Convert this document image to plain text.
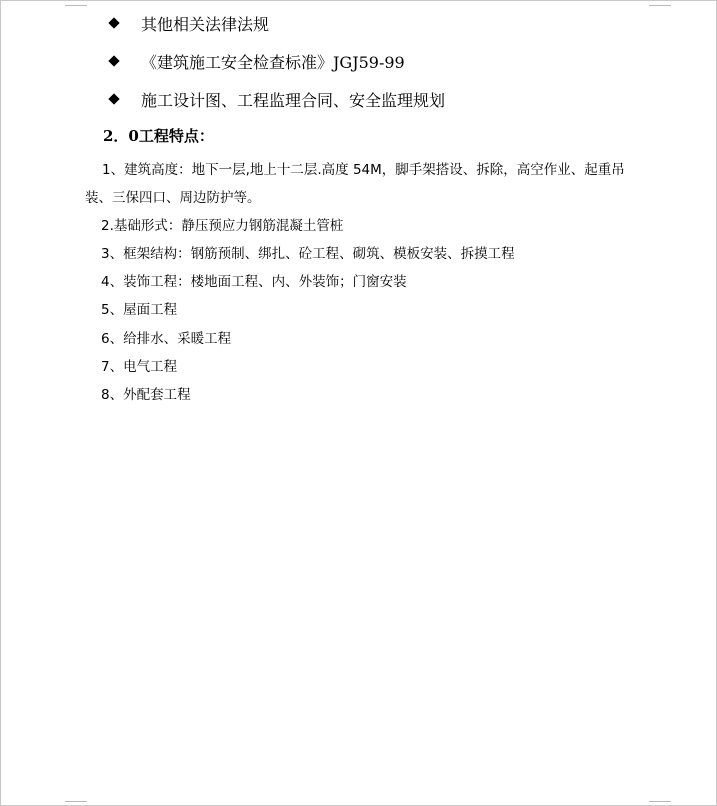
其他相关法律法规
《建筑施工安全检查标准》JGJ59-99
施工设计图、工程监理合同、安全监理规划
2．0工程特点：
1、建筑高度：地下一层,地上十二层.高度 54M，脚手架搭设、拆除，高空作业、起重吊
装、三保四口、周边防护等。
2.基础形式：静压预应力钢筋混凝土管桩
3、框架结构：钢筋预制、绑扎、砼工程、砌筑、模板安装、拆摸工程
4、装饰工程：楼地面工程、内、外装饰；门窗安装
5、屋面工程
6、给排水、采暖工程
7、电气工程
8、外配套工程
